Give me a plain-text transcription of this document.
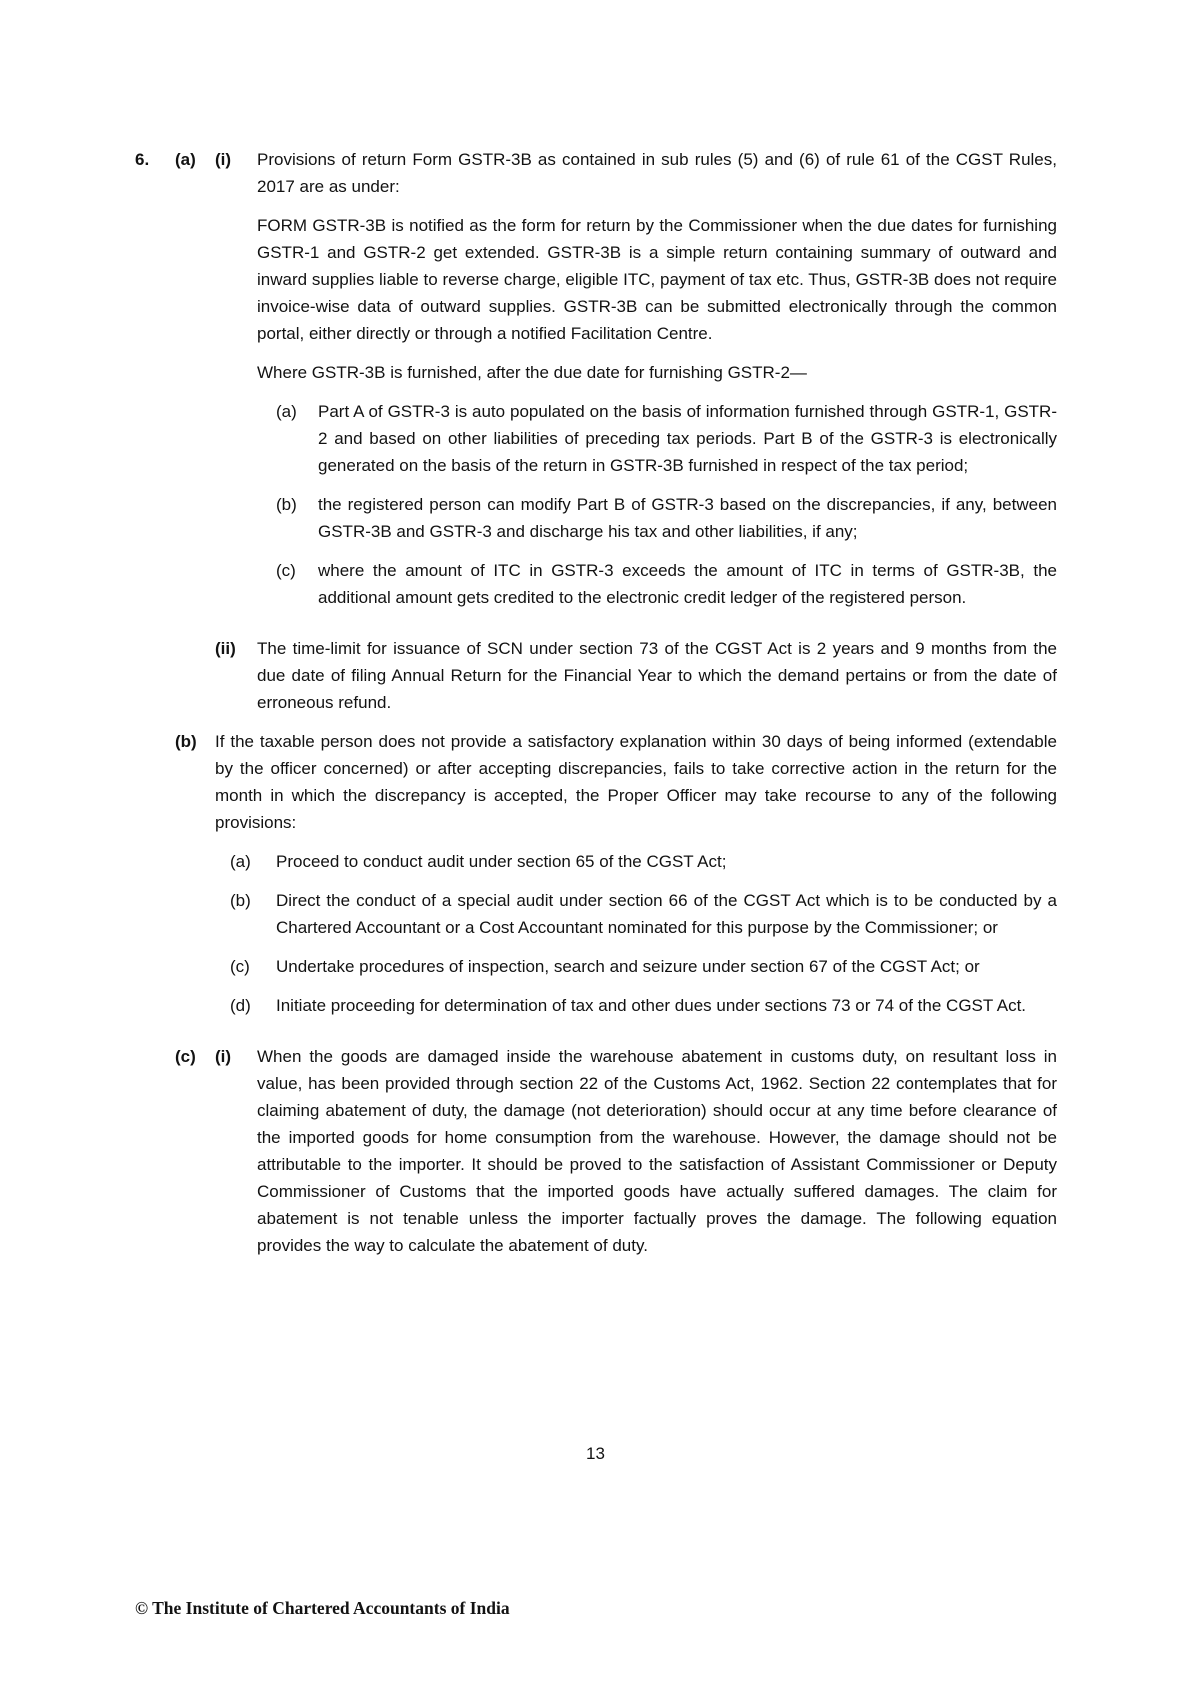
6.	(a)	(i)	Provisions of return Form GSTR-3B as contained in sub rules (5) and (6) of rule 61 of the CGST Rules, 2017 are as under:

FORM GSTR-3B is notified as the form for return by the Commissioner when the due dates for furnishing GSTR-1 and GSTR-2 get extended. GSTR-3B is a simple return containing summary of outward and inward supplies liable to reverse charge, eligible ITC, payment of tax etc. Thus, GSTR-3B does not require invoice-wise data of outward supplies. GSTR-3B can be submitted electronically through the common portal, either directly or through a notified Facilitation Centre.

Where GSTR-3B is furnished, after the due date for furnishing GSTR-2—

(a)	Part A of GSTR-3 is auto populated on the basis of information furnished through GSTR-1, GSTR-2 and based on other liabilities of preceding tax periods. Part B of the GSTR-3 is electronically generated on the basis of the return in GSTR-3B furnished in respect of the tax period;

(b)	the registered person can modify Part B of GSTR-3 based on the discrepancies, if any, between GSTR-3B and GSTR-3 and discharge his tax and other liabilities, if any;

(c)	where the amount of ITC in GSTR-3 exceeds the amount of ITC in terms of GSTR-3B, the additional amount gets credited to the electronic credit ledger of the registered person.

(ii)	The time-limit for issuance of SCN under section 73 of the CGST Act is 2 years and 9 months from the due date of filing Annual Return for the Financial Year to which the demand pertains or from the date of erroneous refund.

(b)	If the taxable person does not provide a satisfactory explanation within 30 days of being informed (extendable by the officer concerned) or after accepting discrepancies, fails to take corrective action in the return for the month in which the discrepancy is accepted, the Proper Officer may take recourse to any of the following provisions:

(a)	Proceed to conduct audit under section 65 of the CGST Act;

(b)	Direct the conduct of a special audit under section 66 of the CGST Act which is to be conducted by a Chartered Accountant or a Cost Accountant nominated for this purpose by the Commissioner; or

(c)	Undertake procedures of inspection, search and seizure under section 67 of the CGST Act; or

(d)	Initiate proceeding for determination of tax and other dues under sections 73 or 74 of the CGST Act.

(c)	(i)	When the goods are damaged inside the warehouse abatement in customs duty, on resultant loss in value, has been provided through section 22 of the Customs Act, 1962. Section 22 contemplates that for claiming abatement of duty, the damage (not deterioration) should occur at any time before clearance of the imported goods for home consumption from the warehouse. However, the damage should not be attributable to the importer. It should be proved to the satisfaction of Assistant Commissioner or Deputy Commissioner of Customs that the imported goods have actually suffered damages. The claim for abatement is not tenable unless the importer factually proves the damage. The following equation provides the way to calculate the abatement of duty.

13
© The Institute of Chartered Accountants of India
